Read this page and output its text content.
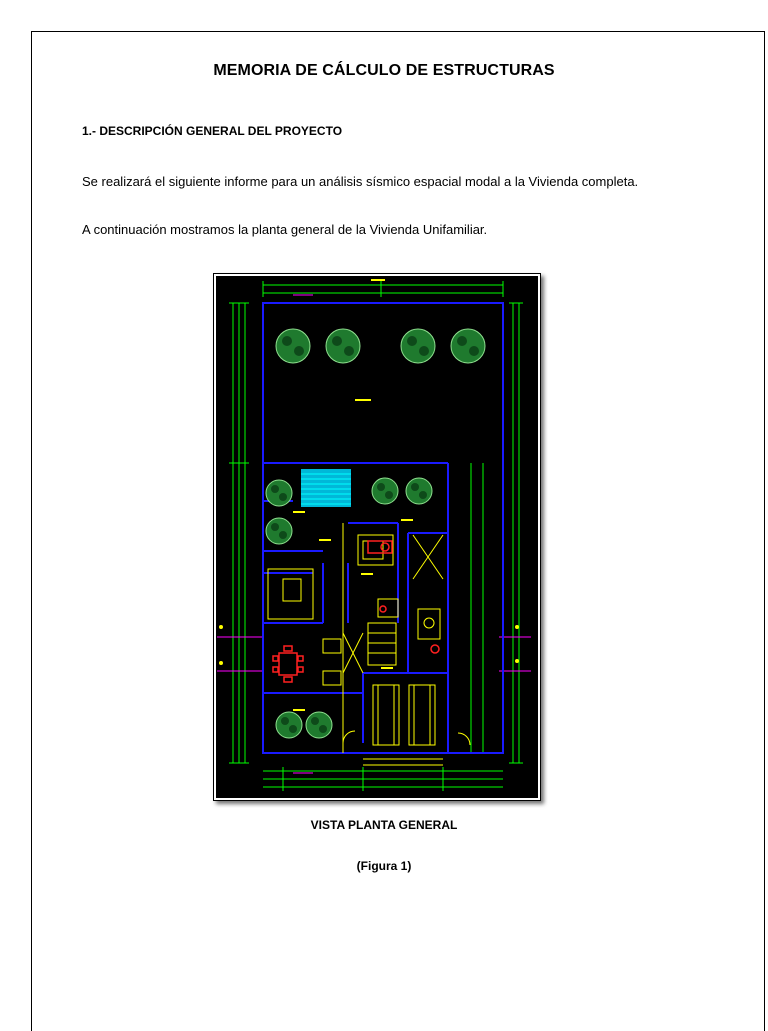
MEMORIA DE CÁLCULO DE ESTRUCTURAS
1.- DESCRIPCIÓN GENERAL DEL PROYECTO
Se realizará el siguiente informe para un análisis sísmico espacial modal a la Vivienda completa.
A continuación mostramos la planta general de la Vivienda Unifamiliar.
VISTA PLANTA GENERAL
(Figura 1)
